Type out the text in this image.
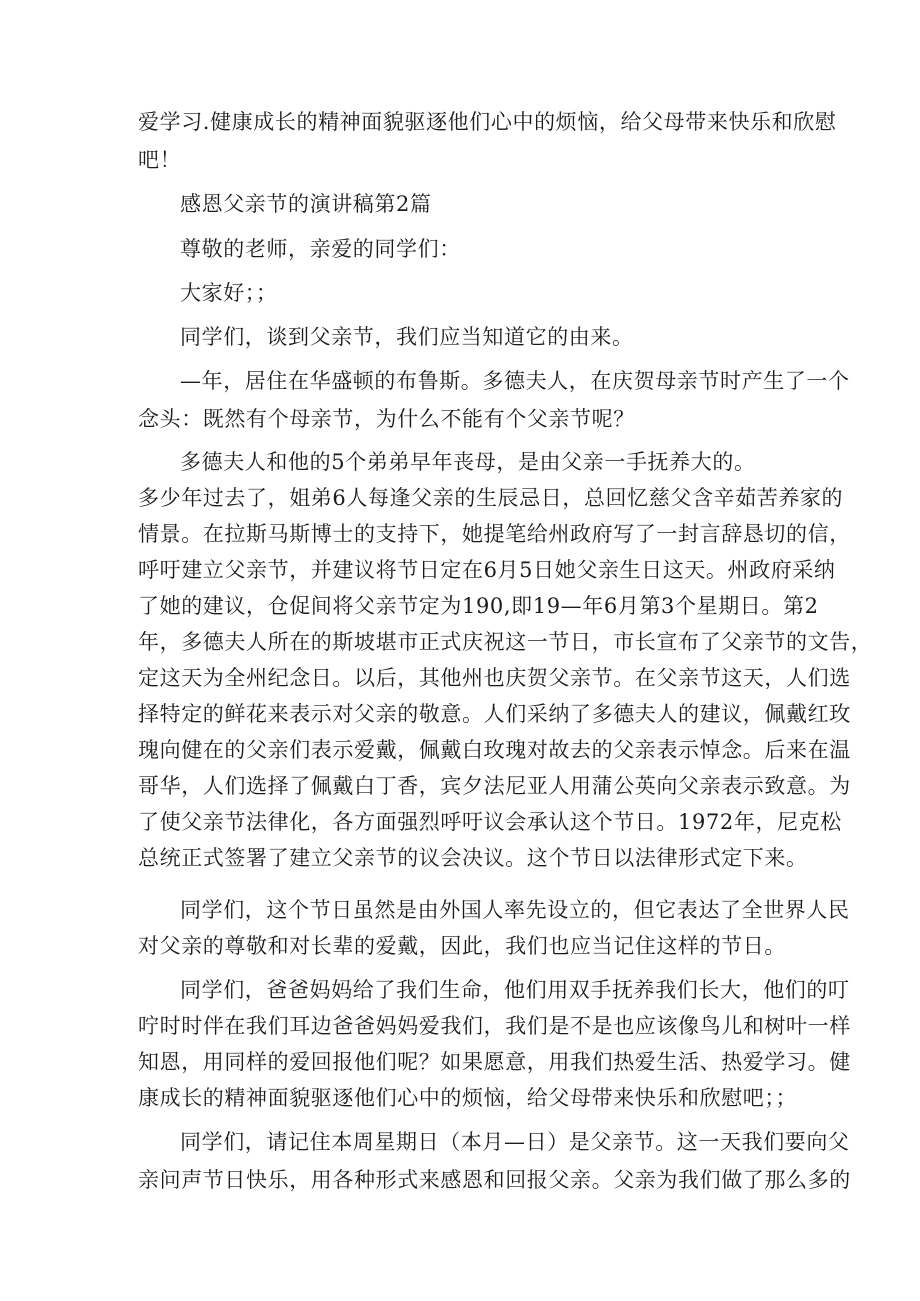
爱学习.健康成长的精神面貌驱逐他们心中的烦恼，给父母带来快乐和欣慰
吧！
感恩父亲节的演讲稿第2篇
尊敬的老师，亲爱的同学们：
大家好；；
同学们，谈到父亲节，我们应当知道它的由来。
—年，居住在华盛顿的布鲁斯。多德夫人，在庆贺母亲节时产生了一个
念头：既然有个母亲节，为什么不能有个父亲节呢？
多德夫人和他的5个弟弟早年丧母，是由父亲一手抚养大的。
多少年过去了，姐弟6人每逢父亲的生辰忌日，总回忆慈父含辛茹苦养家的
情景。在拉斯马斯博士的支持下，她提笔给州政府写了一封言辞恳切的信，
呼吁建立父亲节，并建议将节日定在6月5日她父亲生日这天。州政府采纳
了她的建议，仓促间将父亲节定为190,即19—年6月第3个星期日。第2
年，多德夫人所在的斯坡堪市正式庆祝这一节日，市长宣布了父亲节的文告，
定这天为全州纪念日。以后，其他州也庆贺父亲节。在父亲节这天，人们选
择特定的鲜花来表示对父亲的敬意。人们采纳了多德夫人的建议，佩戴红玫
瑰向健在的父亲们表示爱戴，佩戴白玫瑰对故去的父亲表示悼念。后来在温
哥华，人们选择了佩戴白丁香，宾夕法尼亚人用蒲公英向父亲表示致意。为
了使父亲节法律化，各方面强烈呼吁议会承认这个节日。1972年，尼克松
总统正式签署了建立父亲节的议会决议。这个节日以法律形式定下来。
同学们，这个节日虽然是由外国人率先设立的，但它表达了全世界人民
对父亲的尊敬和对长辈的爱戴，因此，我们也应当记住这样的节日。
同学们，爸爸妈妈给了我们生命，他们用双手抚养我们长大，他们的叮
咛时时伴在我们耳边爸爸妈妈爱我们，我们是不是也应该像鸟儿和树叶一样
知恩，用同样的爱回报他们呢？如果愿意，用我们热爱生活、热爱学习。健
康成长的精神面貌驱逐他们心中的烦恼，给父母带来快乐和欣慰吧；；
同学们，请记住本周星期日（本月—日）是父亲节。这一天我们要向父
亲问声节日快乐，用各种形式来感恩和回报父亲。父亲为我们做了那么多的
